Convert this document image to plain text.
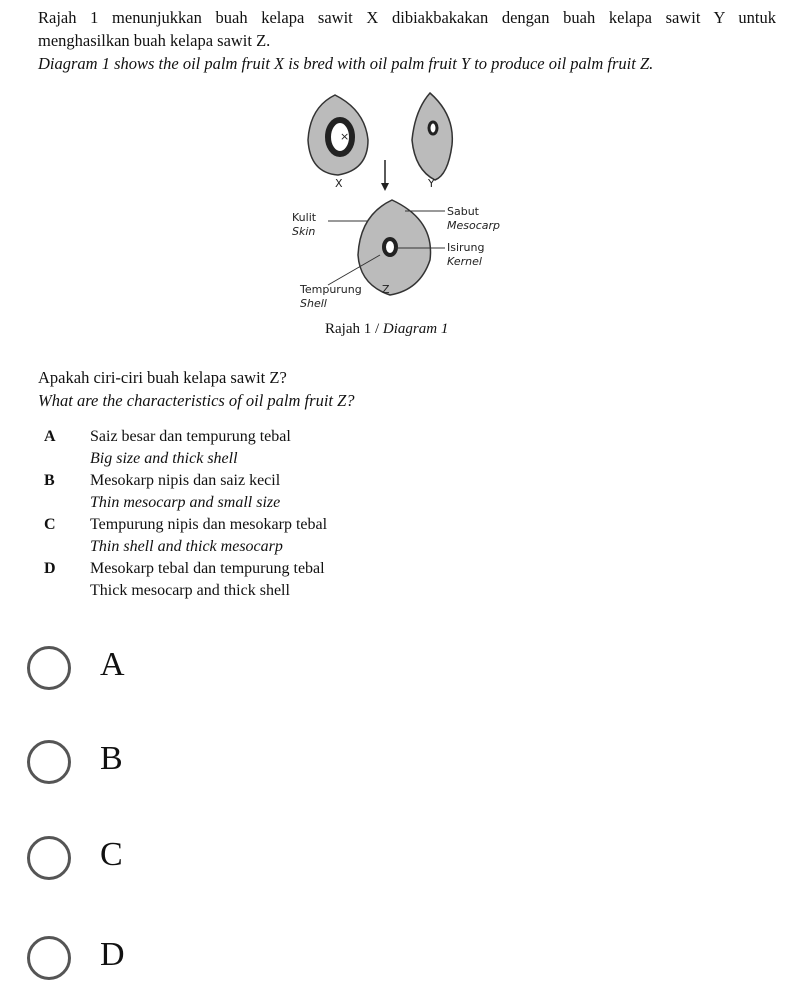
Rajah 1 menunjukkan buah kelapa sawit X dibiakbakakan dengan buah kelapa sawit Y untuk
menghasilkan buah kelapa sawit Z.
Diagram 1 shows the oil palm fruit X is bred with oil palm fruit Y to produce oil palm fruit Z.
×
X	Y
Kulit
Skin
Sabut
Mesocarp
Isirung
Kernel
Tempurung
Shell
Z
Rajah 1 / Diagram 1
Apakah ciri-ciri buah kelapa sawit Z?
What are the characteristics of oil palm fruit Z?
A Saiz besar dan tempurung tebal

Big size and thick shell
B Mesokarp nipis dan saiz kecil

Thin mesocarp and small size
C Tempurung nipis dan mesokarp tebal

Thin shell and thick mesocarp
D Mesokarp tebal dan tempurung tebal

Thick mesocarp and thick shell
A
B
C
D
